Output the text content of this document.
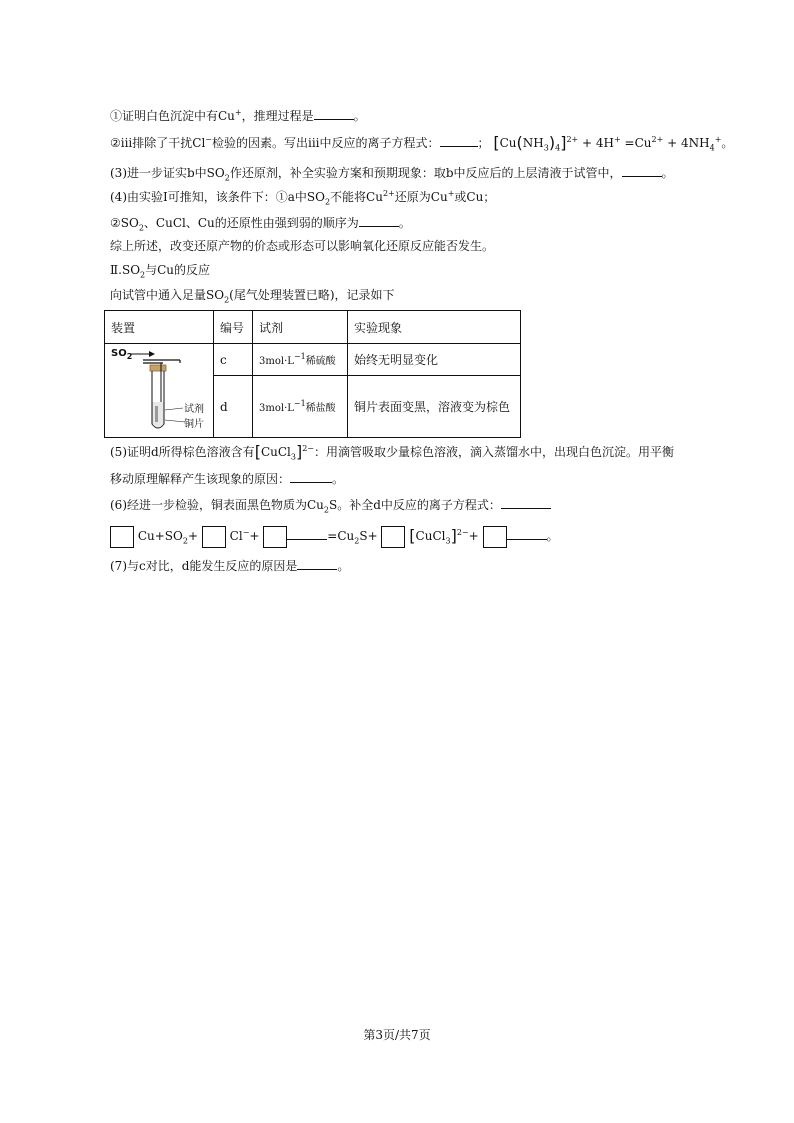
①证明白色沉淀中有Cu+，推理过程是	。
②iii排除了干扰Cl−检验的因素。写出iii中反应的离子方程式：	； $[Cu(NH_3)_4]^{2+} + 4H^+ =Cu^{2+} + 4NH_4^+$。
(3)进一步证实b中$SO_2$作还原剂，补全实验方案和预期现象：取b中反应后的上层清液于试管中，	。
(4)由实验Ⅰ可推知，该条件下：①a中$SO_2$不能将$Cu^{2+}$还原为Cu+或Cu；
$②SO_2$、CuCl、Cu的还原性由强到弱的顺序为	。
综上所述，改变还原产物的价态或形态可以影响氧化还原反应能否发生。
$Ⅱ.SO_2$与Cu的反应
向试管中通入足量$SO_2$(尾气处理装置已略)，记录如下
装置	编号	试剂	实验现象

$SO_2$
试剂
铜片	c	$3mol\cdot L^{-1}$稀硫酸	始终无明显变化
	d	$3mol\cdot L^{-1}$稀盐酸	铜片表面变黑，溶液变为棕色
(5)证明d所得棕色溶液含有[CuCl$_3$]$^{2-}$：用滴管吸取少量棕色溶液，滴入蒸馏水中，出现白色沉淀。用平衡
移动原理解释产生该现象的原因：	。
(6)经进一步检验，铜表面黑色物质为$Cu_2S$。补全d中反应的离子方程式：
$Cu+SO_2+$	Cl−+	$=Cu_2S+$ [CuCl$_3$]$^{2-}$+	。
(7)与c对比，d能发生反应的原因是	。
第3页/共7页
